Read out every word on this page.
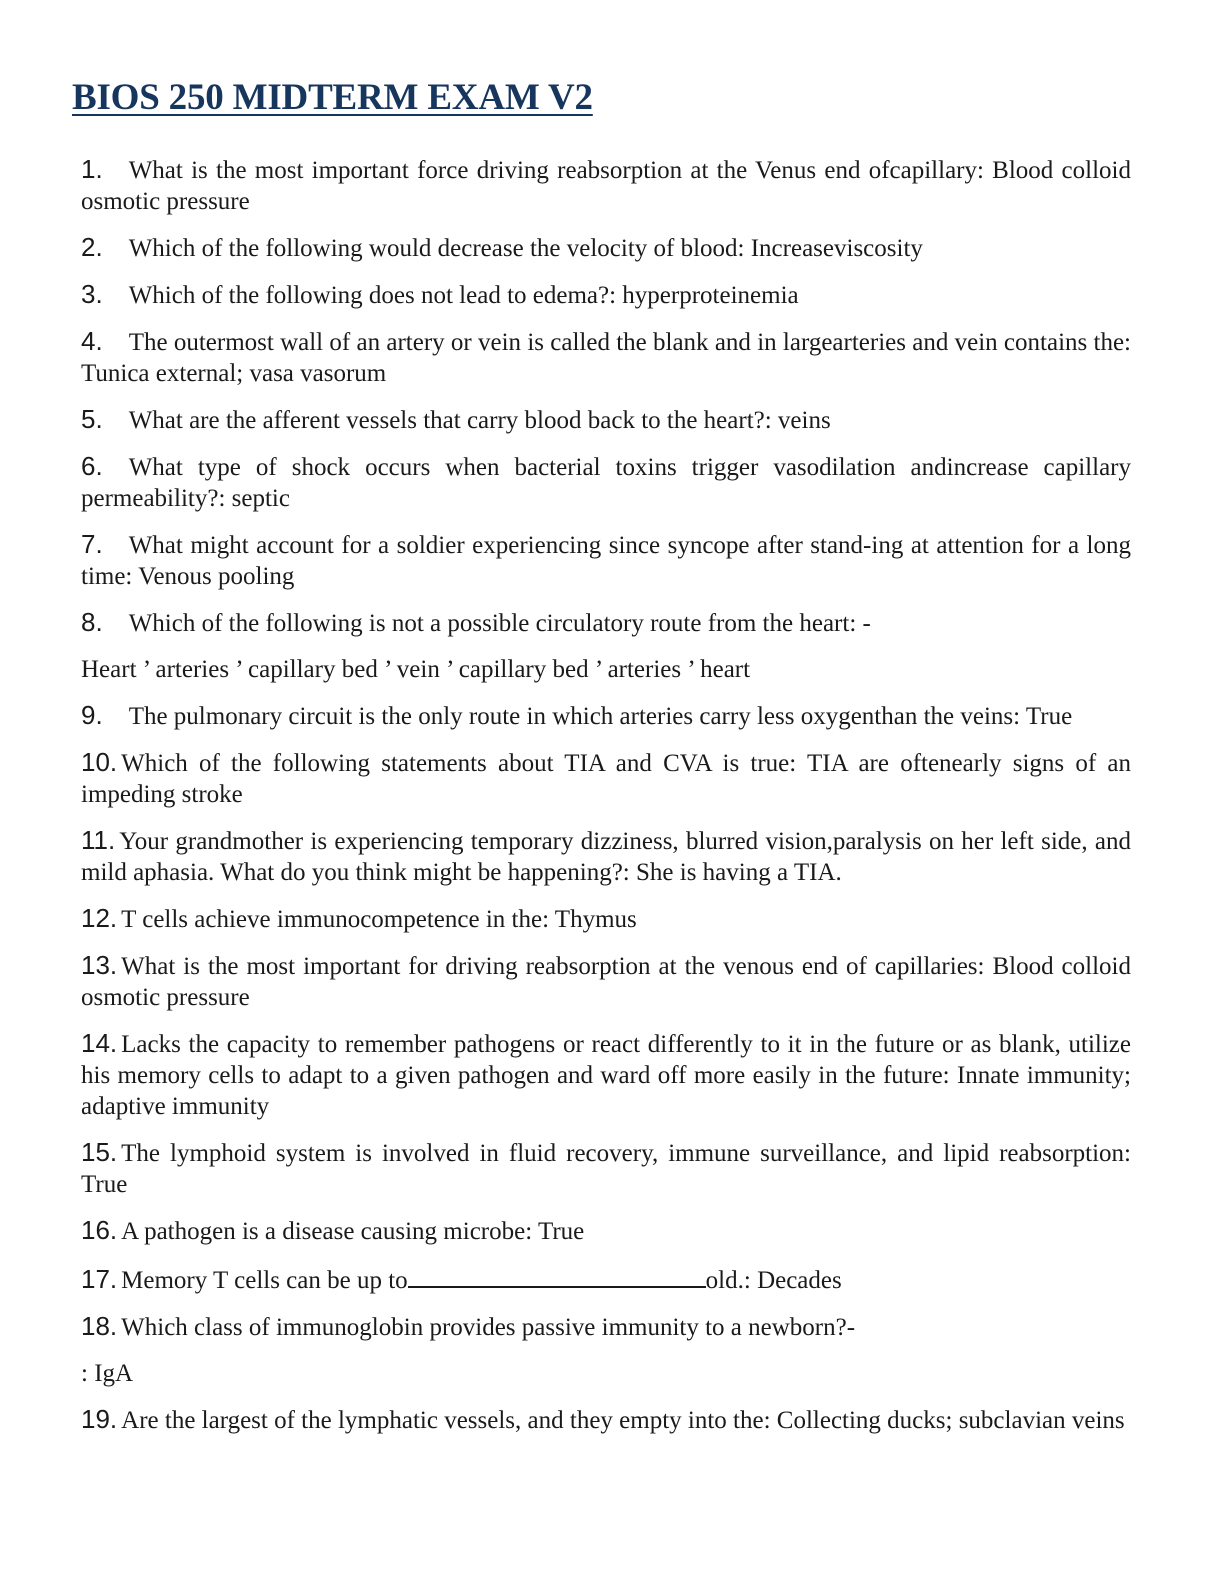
BIOS 250 MIDTERM EXAM V2

1. What is the most important force driving reabsorption at the Venus end ofcapillary: Blood colloid osmotic pressure

2. Which of the following would decrease the velocity of blood: Increaseviscosity

3. Which of the following does not lead to edema?: hyperproteinemia

4. The outermost wall of an artery or vein is called the blank and in largearteries and vein contains the: Tunica external; vasa vasorum

5. What are the afferent vessels that carry blood back to the heart?: veins

6. What type of shock occurs when bacterial toxins trigger vasodilation andincrease capillary permeability?: septic

7. What might account for a soldier experiencing since syncope after stand-ing at attention for a long time: Venous pooling

8. Which of the following is not a possible circulatory route from the heart: -

Heart ’ arteries ’ capillary bed ’ vein ’ capillary bed ’ arteries ’ heart

9. The pulmonary circuit is the only route in which arteries carry less oxygenthan the veins: True

10. Which of the following statements about TIA and CVA is true: TIA are oftenearly signs of an impeding stroke

11. Your grandmother is experiencing temporary dizziness, blurred vision,paralysis on her left side, and mild aphasia. What do you think might be happening?: She is having a TIA.

12. T cells achieve immunocompetence in the: Thymus

13. What is the most important for driving reabsorption at the venous end of capillaries: Blood colloid osmotic pressure

14. Lacks the capacity to remember pathogens or react differently to it in the future or as blank, utilize his memory cells to adapt to a given pathogen and ward off more easily in the future: Innate immunity; adaptive immunity

15. The lymphoid system is involved in fluid recovery, immune surveillance, and lipid reabsorption: True

16. A pathogen is a disease causing microbe: True

17. Memory T cells can be up to	old.: Decades

18. Which class of immunoglobin provides passive immunity to a newborn?-

: IgA

19. Are the largest of the lymphatic vessels, and they empty into the: Collecting ducks; subclavian veins
